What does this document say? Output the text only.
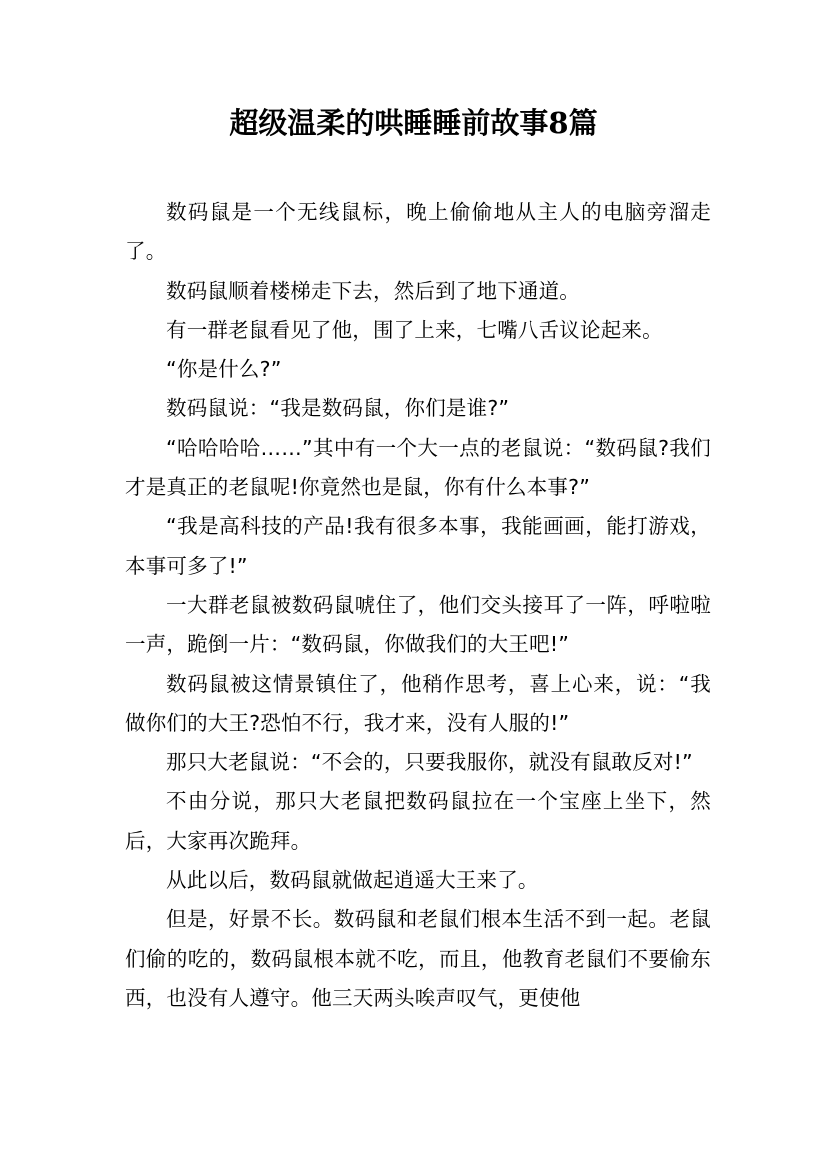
超级温柔的哄睡睡前故事8篇

数码鼠是一个无线鼠标，晚上偷偷地从主人的电脑旁溜走了。

数码鼠顺着楼梯走下去，然后到了地下通道。

有一群老鼠看见了他，围了上来，七嘴八舌议论起来。

“你是什么?”

数码鼠说：“我是数码鼠，你们是谁?”

“哈哈哈哈……”其中有一个大一点的老鼠说：“数码鼠?我们才是真正的老鼠呢!你竟然也是鼠，你有什么本事?”

“我是高科技的产品!我有很多本事，我能画画，能打游戏，本事可多了!”

一大群老鼠被数码鼠唬住了，他们交头接耳了一阵，呼啦啦一声，跪倒一片：“数码鼠，你做我们的大王吧!”

数码鼠被这情景镇住了，他稍作思考，喜上心来，说：“我做你们的大王?恐怕不行，我才来，没有人服的!”

那只大老鼠说：“不会的，只要我服你，就没有鼠敢反对!”

不由分说，那只大老鼠把数码鼠拉在一个宝座上坐下，然后，大家再次跪拜。

从此以后，数码鼠就做起逍遥大王来了。

但是，好景不长。数码鼠和老鼠们根本生活不到一起。老鼠们偷的吃的，数码鼠根本就不吃，而且，他教育老鼠们不要偷东西，也没有人遵守。他三天两头唉声叹气，更使他
